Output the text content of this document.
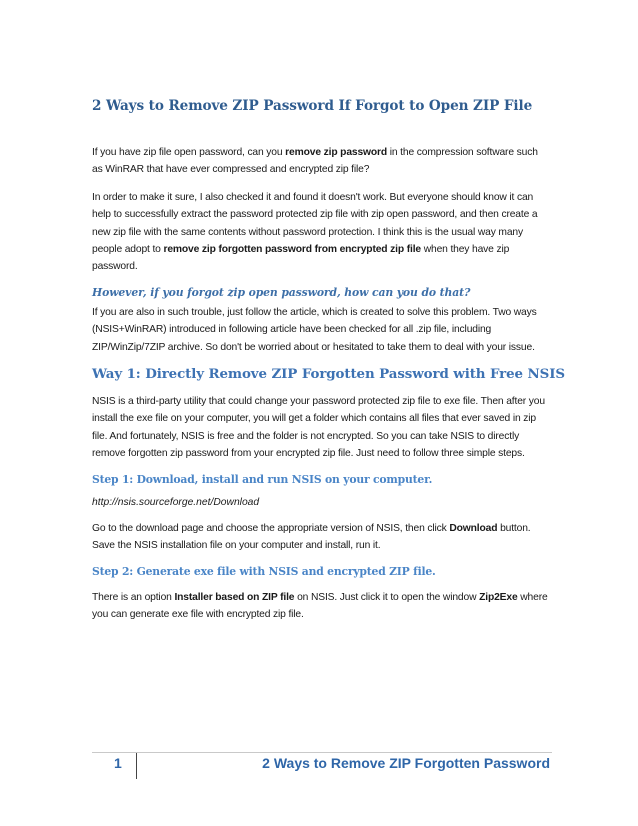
2 Ways to Remove ZIP Password If Forgot to Open ZIP File

If you have zip file open password, can you remove zip password in the compression software such as WinRAR that have ever compressed and encrypted zip file?

In order to make it sure, I also checked it and found it doesn't work. But everyone should know it can help to successfully extract the password protected zip file with zip open password, and then create a new zip file with the same contents without password protection. I think this is the usual way many people adopt to remove zip forgotten password from encrypted zip file when they have zip password.

However, if you forgot zip open password, how can you do that?

If you are also in such trouble, just follow the article, which is created to solve this problem. Two ways (NSIS+WinRAR) introduced in following article have been checked for all .zip file, including ZIP/WinZip/7ZIP archive. So don't be worried about or hesitated to take them to deal with your issue.

Way 1: Directly Remove ZIP Forgotten Password with Free NSIS

NSIS is a third-party utility that could change your password protected zip file to exe file. Then after you install the exe file on your computer, you will get a folder which contains all files that ever saved in zip file. And fortunately, NSIS is free and the folder is not encrypted. So you can take NSIS to directly remove forgotten zip password from your encrypted zip file. Just need to follow three simple steps.

Step 1: Download, install and run NSIS on your computer.

http://nsis.sourceforge.net/Download

Go to the download page and choose the appropriate version of NSIS, then click Download button. Save the NSIS installation file on your computer and install, run it.

Step 2: Generate exe file with NSIS and encrypted ZIP file.

There is an option Installer based on ZIP file on NSIS. Just click it to open the window Zip2Exe where you can generate exe file with encrypted zip file.

1	2 Ways to Remove ZIP Forgotten Password
